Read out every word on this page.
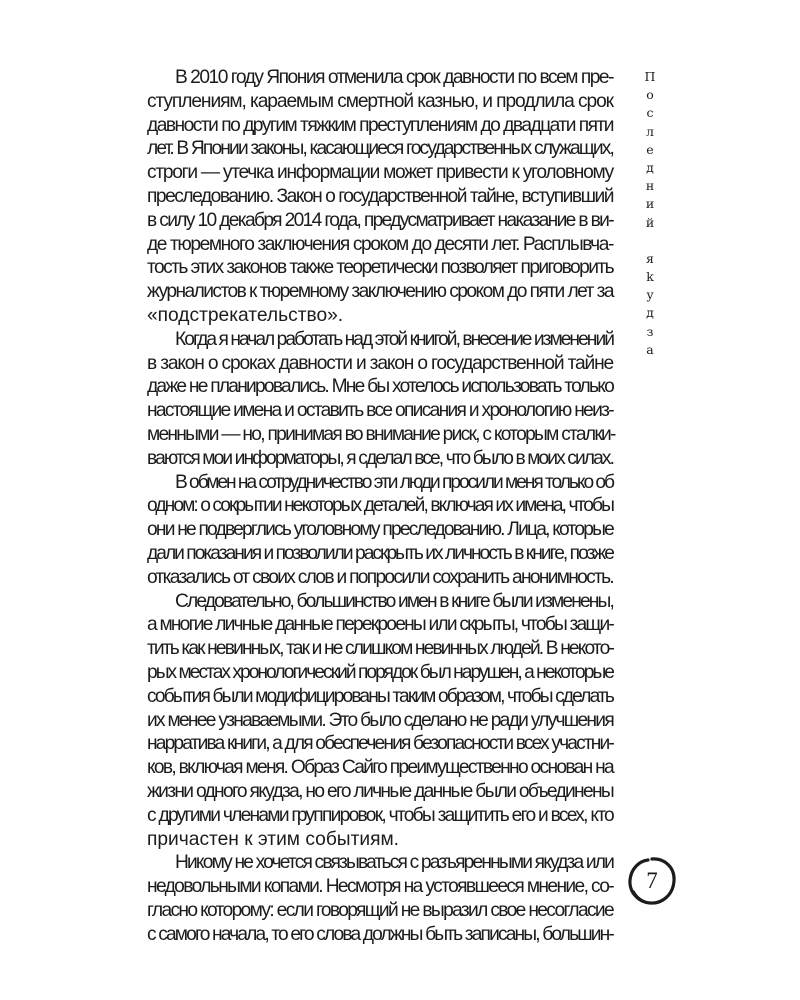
П
о
с
л
е
д
н
и
й
я
k
у
д
з
а
В 2010 году Япония отменила срок давности по всем пре-
ступлениям, караемым смертной казнью, и продлила срок
давности по другим тяжким преступлениям до двадцати пяти
лет. В Японии законы, касающиеся государственных служащих,
строги — утечка информации может привести к уголовному
преследованию. Закон о государственной тайне, вступивший
в силу 10 декабря 2014 года, предусматривает наказание в ви-
де тюремного заключения сроком до десяти лет. Расплывча-
тость этих законов также теоретически позволяет приговорить
журналистов к тюремному заключению сроком до пяти лет за
«подстрекательство».
Когда я начал работать над этой книгой, внесение изменений
в закон о сроках давности и закон о государственной тайне
даже не планировались. Мне бы хотелось использовать только
настоящие имена и оставить все описания и хронологию неиз-
менными — но, принимая во внимание риск, с которым сталки-
ваются мои информаторы, я сделал все, что было в моих силах.
В обмен на сотрудничество эти люди просили меня только об
одном: о сокрытии некоторых деталей, включая их имена, чтобы
они не подверглись уголовному преследованию. Лица, которые
дали показания и позволили раскрыть их личность в книге, позже
отказались от своих слов и попросили сохранить анонимность.
Следовательно, большинство имен в книге были изменены,
а многие личные данные перекроены или скрыты, чтобы защи-
тить как невинных, так и не слишком невинных людей. В некото-
рых местах хронологический порядок был нарушен, а некоторые
события были модифицированы таким образом, чтобы сделать
их менее узнаваемыми. Это было сделано не ради улучшения
нарратива книги, а для обеспечения безопасности всех участни-
ков, включая меня. Образ Сайго преимущественно основан на
жизни одного якудза, но его личные данные были объединены
с другими членами группировок, чтобы защитить его и всех, кто
причастен к этим событиям.
Никому не хочется связываться с разъяренными якудза или
недовольными копами. Несмотря на устоявшееся мнение, со-
гласно которому: если говорящий не выразил свое несогласие
с самого начала, то его слова должны быть записаны, большин-
7
